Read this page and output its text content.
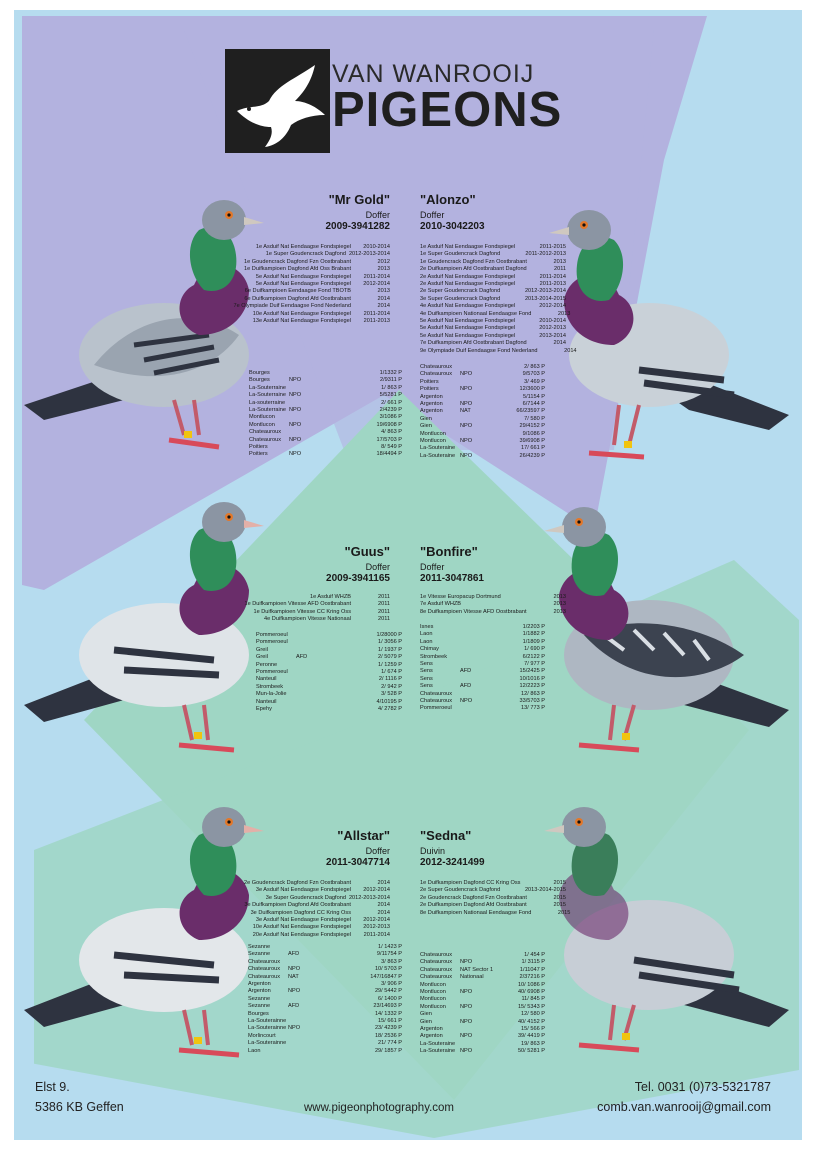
VAN WANROOIJ
PIGEONS
"Mr Gold"
Doffer
2009-3941282
1e Asduif Nat Eendaagse Fondspiegel	2010-2014
1e Super Goudencrack Dagfond 2012-2013-2014
1e Goudencrack Dagfond Fzn Oostbrabant	2012
1e Duifkampioen Dagfond Afd Oss Brabant	2013
5e Asduif Nat Eendaagse Fondspiegel	2011-2014
5e Asduif Nat Eendaagse Fondspiegel	2012-2014
6e Duifkampioen Eendaagse Fond TBOTB	2013
6e Duifkampioen Dagfond Afd Oostbrabant	2014
7e Olympiade Duif Eendaagse Fond Nederland	2014
10e Asduif Nat Eendaagse Fondspiegel	2011-2014
13e Asduif Nat Eendaagse Fondspiegel	2011-2013
Bourges	1/1332 P
Bourges	NPO	2/9311 P
La-Souterraine	1/ 863 P
La-Souterraine NPO	5/5281 P
La-souterraine	2/ 661 P
La-Souterraine NPO	2/4239 P
Montlucon	3/1086 P
Montlucon	NPO	19/6908 P
Chateauroux	4/ 863 P
Chateauroux	NPO	17/5703 P
Poitiers	8/ 549 P
Poitiers	NPO	18/4494 P
"Alonzo"
Doffer
2010-3042203
1e Asduif Nat Eendaagse Fondspiegel	2011-2015
1e Super Goudencrack Dagfond	2011-2012-2013
1e Goudencrack Dagfond Fzn Oostbrabant	2013
2e Duifkampioen Afd Oostbrabant Dagfond	2011
2e Asduif Nat Eendaagse Fondspiegel	2011-2014
2e Asduif Nat Eendaagse Fondspiegel	2011-2013
2e Super Goudencrack Dagfond	2012-2013-2014
3e Super Goudencrack Dagfond	2013-2014-2015
4e Asduif Nat Eendaagse Fondspiegel	2012-2014
4e Duifkampioen Nationaal Eendaagse Fond	2013
5e Asduif Nat Eendaagse Fondspiegel	2010-2014
5e Asduif Nat Eendaagse Fondspiegel	2012-2013
5e Asduif Nat Eendaagse Fondspiegel	2013-2014
7e Duifkampioen Afd Oostbrabant Dagfond	2014
9e Olympiade Duif Eendaagse Fond Nederland	2014
Chateauroux	2/ 863 P
Chateauroux	NPO	9/5703 P
Poitiers	3/ 469 P
Poitiers	NPO	12/3600 P
Argenton	5/1154 P
Argenton	NPO	6/7144 P
Argenton	NAT	66/23597 P
Gien	7/ 580 P
Gien	NPO	29/4152 P
Montlucon	9/1086 P
Montlucon	NPO	39/6908 P
La-Souteraine	17/ 661 P
La-Souteraine NPO	26/4239 P
"Guus"
Doffer
2009-3941165
1e Asduif WHZB	2011
1e Duifkampioen Vitesse AFD Oostbrabant	2011
1e Duifkampioen Vitesse CC Kring Oss	2011
4e Duifkampioen Vitesse Nationaal	2011
Pommeroeul	1/28000 P
Pommeroeul	1/ 3056 P
Greil	1/ 1937 P
Greil	AFD	2/ 5079 P
Peronne	1/ 1259 P
Pommeroeul	1/ 674 P
Nanteuil	2/ 1116 P
Strombeek	2/ 942 P
Mun-la-Jolie	3/ 528 P
Nanteuil	4/10195 P
Epehy	4/ 2782 P
"Bonfire"
Doffer
2011-3047861
1e Vitesse Europacup Dortmund	2013
7e Asduif WHZB	2013
8e Duifkampioen Vitesse AFD Oostbrabant	2013
Isnes	1/2203 P
Laon	1/1882 P
Laon	1/1809 P
Chimay	1/ 690 P
Strombeek	6/2122 P
Sens	7/ 977 P
Sens	AFD	15/2425 P
Sens	10/1016 P
Sens	AFD	12/2223 P
Chateauroux	12/ 863 P
Chateauroux	NPO	33/5703 P
Pommeroeul	13/ 773 P
"Allstar"
Doffer
2011-3047714
2e Goudencrack Dagfond Fzn Oostbrabant	2014
3e Asduif Nat Eendaagse Fondspiegel	2012-2014
3e Super Goudencrack Dagfond 2012-2013-2014
3e Duifkampioen Dagfond Afd Oostbrabant	2014
3e Duifkampioen Dagfond CC Kring Oss	2014
3e Asduif Nat Eendaagse Fondspiegel	2012-2014
10e Asduif Nat Eendaagse Fondspiegel	2012-2013
20e Asduif Nat Eendaagse Fondspiegel	2011-2014
Sezanne	1/ 1423 P
Sezanne	AFD	9/11754 P
Chateauroux	3/ 863 P
Chateauroux	NPO	10/ 5703 P
Chateauroux	NAT	147/16847 P
Argenton	3/ 906 P
Argenton	NPO	29/ 5442 P
Sezanne	6/ 1400 P
Sezanne	AFD	23/14693 P
Bourges	14/ 1332 P
La-Souterainne	15/ 661 P
La-Souterainne NPO	23/ 4239 P
Morlincourt	18/ 2536 P
La-Souterainne	21/ 774 P
Laon	29/ 1857 P
"Sedna"
Duivin
2012-3241499
1e Duifkampioen Dagfond CC Kring Oss	2015
2e Super Goudencrack Dagfond	2013-2014-2015
2e Goudencrack Dagfond Fzn Oostbrabant	2015
2e Duifkampioen Dagfond Afd Oostbrabant	2015
8e Duifkampioen Nationaal Eendaagse Fond	2015
Chateauroux	1/ 454 P
Chateauroux	NPO	1/ 3115 P
Chateauroux	NAT Sector 1	1/11047 P
Chateauroux	Nationaal	2/37216 P
Montlucon	10/ 1086 P
Montlucon	NPO	40/ 6908 P
Montlucon	11/ 845 P
Montlucon	NPO	15/ 5343 P
Gien	12/ 580 P
Gien	NPO	40/ 4152 P
Argenton	15/ 566 P
Argenton	NPO	39/ 4419 P
La-Souteraine	19/ 863 P
La-Souteraine NPO	50/ 5281 P
Elst 9.
5386 KB Geffen	www.pigeonphotography.com
Tel. 0031 (0)73-5321787
comb.van.wanrooij@gmail.com
